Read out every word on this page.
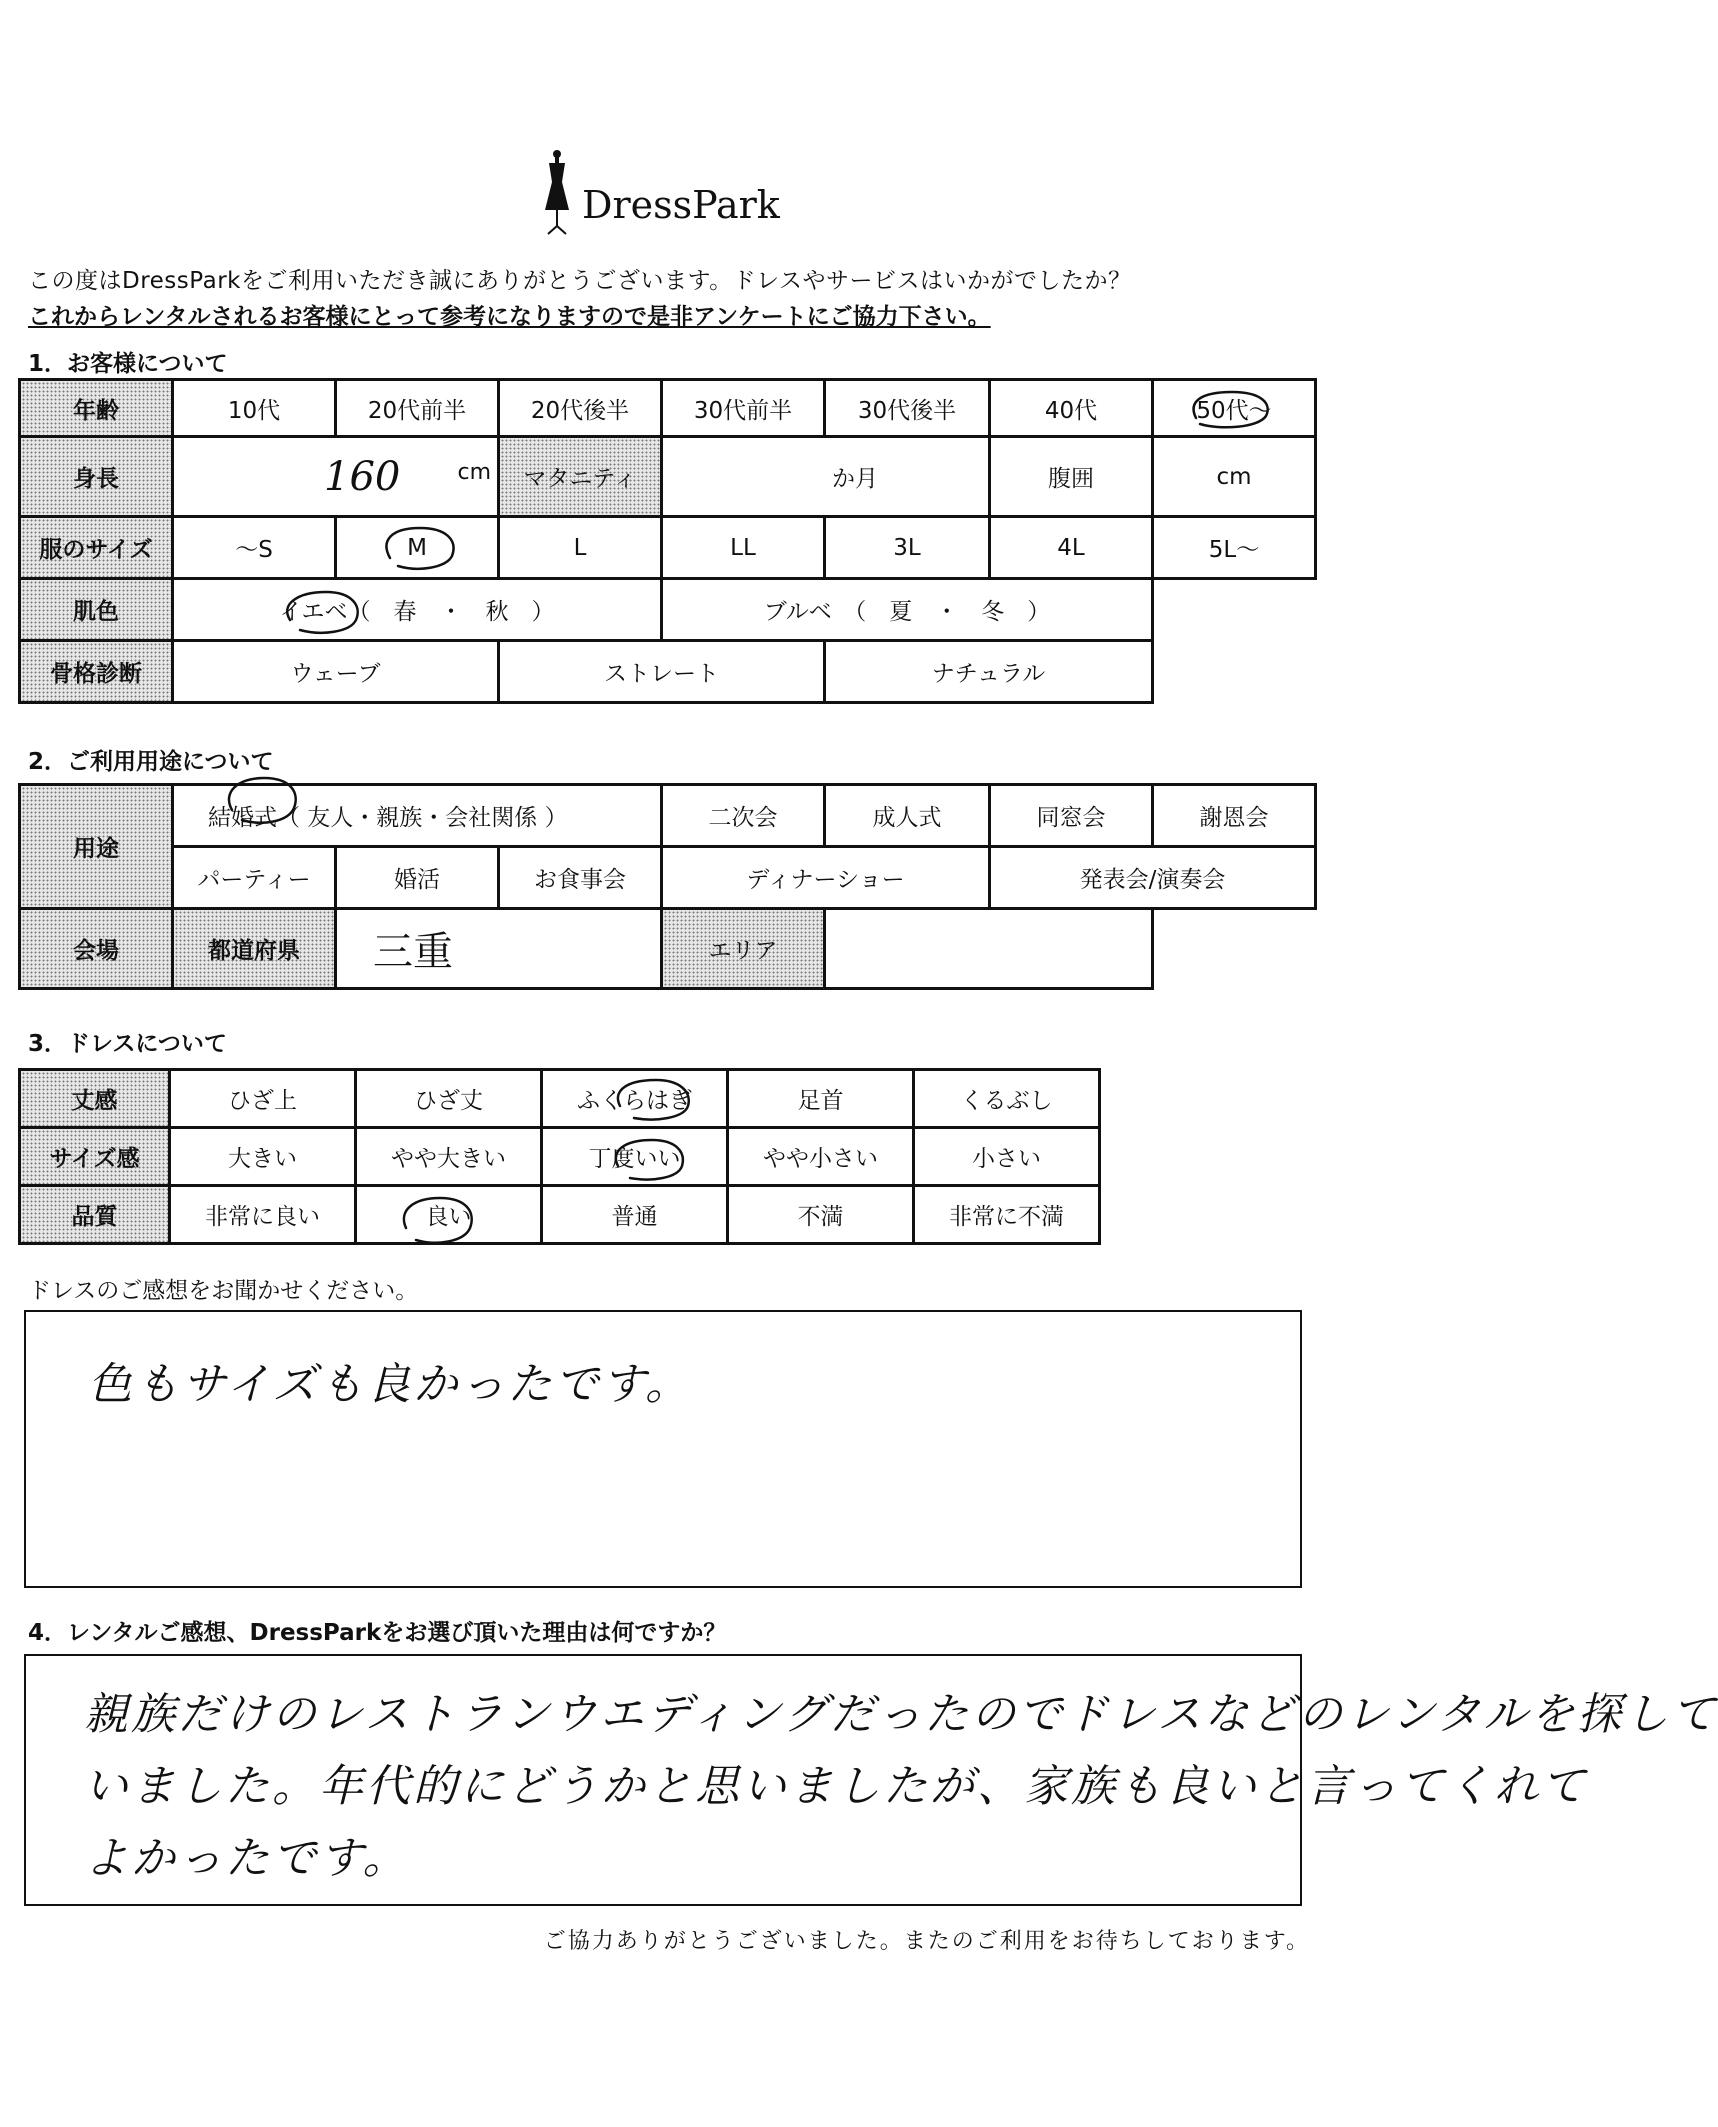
DressPark
この度はDressParkをご利用いただき誠にありがとうございます。ドレスやサービスはいかがでしたか？
これからレンタルされるお客様にとって参考になりますので是非アンケートにご協力下さい。
1．お客様について
年齢	10代	20代前半	20代後半	30代前半	30代後半	40代	50代〜
身長	160 cm		マタニティ	か月		腹囲	cm
服のサイズ	〜S	M	L	LL	3L	4L	5L〜
肌色	イエベ（　春　・　秋　）			ブルベ　 （　夏　・　冬　）			
骨格診断	ウェーブ		ストレート		ナチュラル		
2．ご利用用途について
用途	結婚式（ 友人・親族・会社関係 ）			二次会	成人式	同窓会	謝恩会
	パーティー	婚活	お食事会	ディナーショー		発表会/演奏会	
会場	都道府県	三重		エリア			
3．ドレスについて
丈感	ひざ上	ひざ丈	ふくらはぎ	足首	くるぶし
サイズ感	大きい	やや大きい	丁度いい	やや小さい	小さい
品質	非常に良い	良い	普通	不満	非常に不満
ドレスのご感想をお聞かせください。
色もサイズも良かったです。
4．レンタルご感想、DressParkをお選び頂いた理由は何ですか？
親族だけのレストランウエディングだったのでドレスなどのレンタルを探して
いました。年代的にどうかと思いましたが、家族も良いと言ってくれて
よかったです。
ご協力ありがとうございました。またのご利用をお待ちしております。
